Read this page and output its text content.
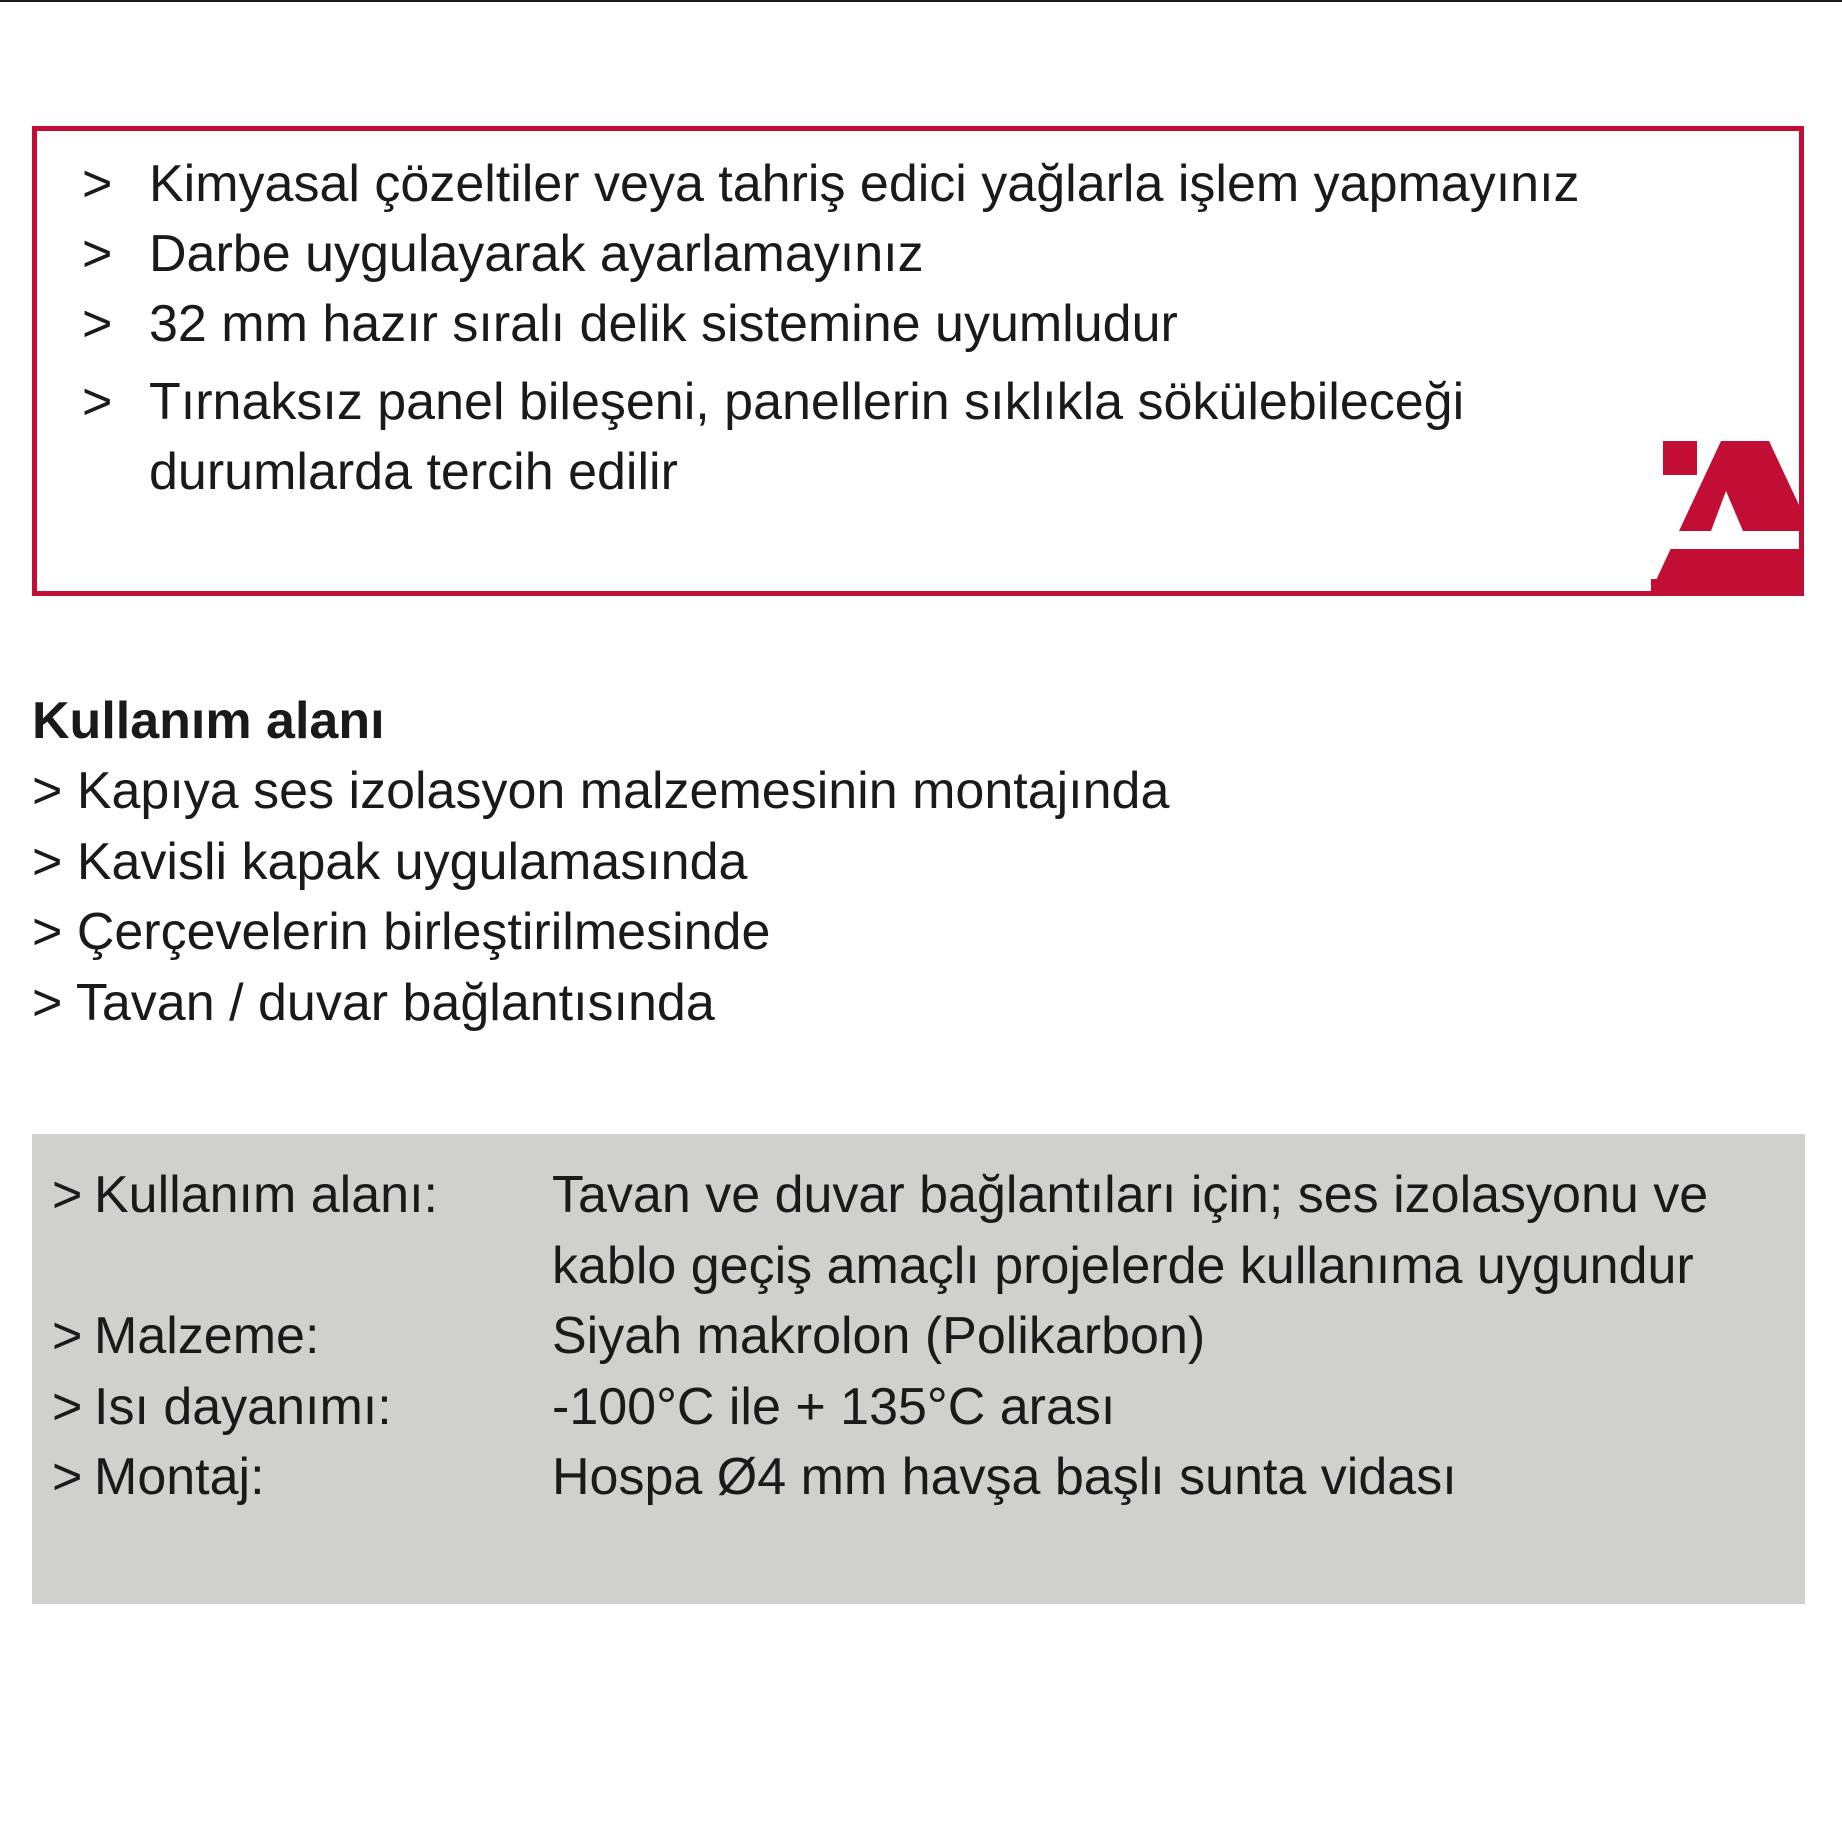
> Kimyasal çözeltiler veya tahriş edici yağlarla işlem yapmayınız
> Darbe uygulayarak ayarlamayınız
> 32 mm hazır sıralı delik sistemine uyumludur
> Tırnaksız panel bileşeni, panellerin sıklıkla sökülebileceği durumlarda tercih edilir
Kullanım alanı
> Kapıya ses izolasyon malzemesinin montajında
> Kavisli kapak uygulamasında
> Çerçevelerin birleştirilmesinde
> Tavan / duvar bağlantısında
> Kullanım alanı:	Tavan ve duvar bağlantıları için; ses izolasyonu ve kablo geçiş amaçlı projelerde kullanıma uygundur
> Malzeme:	Siyah makrolon (Polikarbon)
> Isı dayanımı:	-100°C ile + 135°C arası
> Montaj:	Hospa Ø4 mm havşa başlı sunta vidası
